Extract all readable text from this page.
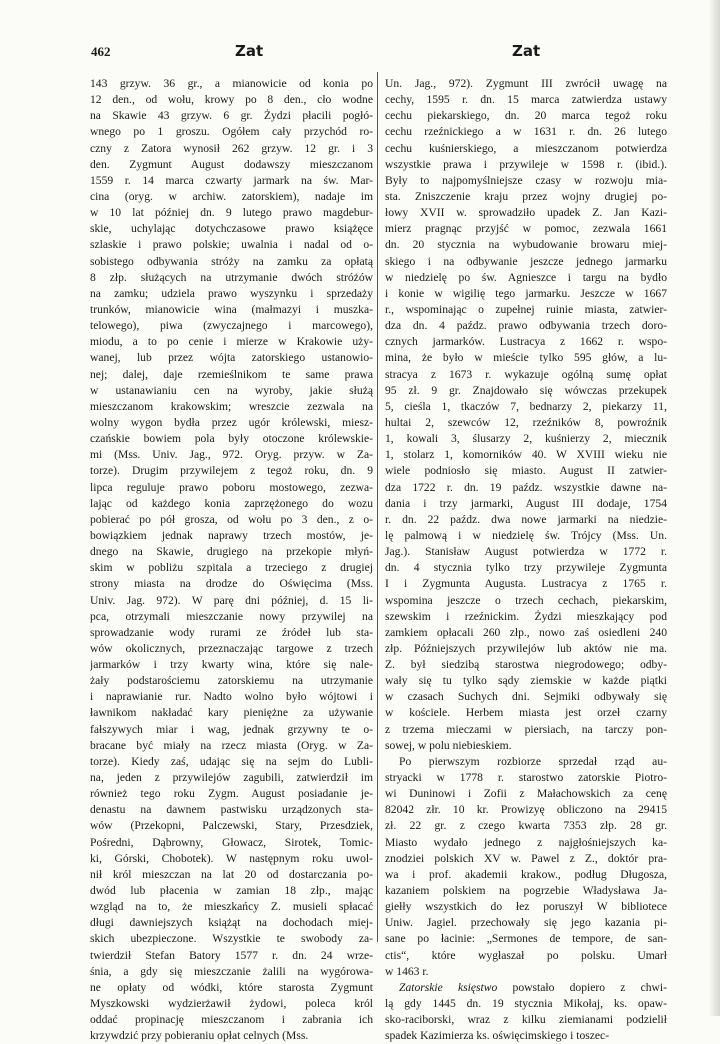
462	Zat	Zat
143 grzyw. 36 gr., a mianowicie od konia po
12 den., od wołu, krowy po 8 den., cło wodne
na Skawie 43 grzyw. 6 gr. Żydzi płacili pogłó-
wnego po 1 groszu. Ogółem cały przychód ro-
czny z Zatora wynosił 262 grzyw. 12 gr. i 3
den. Zygmunt August dodawszy mieszczanom
1559 r. 14 marca czwarty jarmark na św. Mar-
cina (oryg. w archiw. zatorskiem), nadaje im
w 10 lat później dn. 9 lutego prawo magdebur-
skie, uchylając dotychczasowe prawo książęce
szlaskie i prawo polskie; uwalnia i nadal od o-
sobistego odbywania stróży na zamku za opłatą
8 złp. służących na utrzymanie dwóch stróżów
na zamku; udziela prawo wyszynku i sprzedaży
trunków, mianowicie wina (małmazyi i muszka-
telowego), piwa (zwyczajnego i marcowego),
miodu, a to po cenie i mierze w Krakowie uży-
wanej, lub przez wójta zatorskiego ustanowio-
nej; dalej, daje rzemieślnikom te same prawa
w ustanawianiu cen na wyroby, jakie służą
mieszczanom krakowskim; wreszcie zezwala na
wolny wygon bydła przez ugór królewski, miesz-
czańskie bowiem pola były otoczone królewskie-
mi (Mss. Univ. Jag., 972. Oryg. przyw. w Za-
torze). Drugim przywilejem z tegoż roku, dn. 9
lipca reguluje prawo poboru mostowego, zezwa-
lając od każdego konia zaprzężonego do wozu
pobierać po pół grosza, od wołu po 3 den., z o-
bowiązkiem jednak naprawy trzech mostów, je-
dnego na Skawie, drugiego na przekopie młyń-
skim w pobliżu szpitala a trzeciego z drugiej
strony miasta na drodze do Oświęcima (Mss.
Univ. Jag. 972). W parę dni później, d. 15 li-
pca, otrzymali mieszczanie nowy przywilej na
sprowadzanie wody rurami ze źródeł lub sta-
wów okolicznych, przeznaczając targowe z trzech
jarmarków i trzy kwarty wina, które się nale-
żały podstarościemu zatorskiemu na utrzymanie
i naprawianie rur. Nadto wolno było wójtowi i
ławnikom nakładać kary pieniężne za używanie
fałszywych miar i wag, jednak grzywny te o-
bracane być miały na rzecz miasta (Oryg. w Za-
torze). Kiedy zaś, udając się na sejm do Lubli-
na, jeden z przywilejów zagubili, zatwierdził im
również tego roku Zygm. August posiadanie je-
denastu na dawnem pastwisku urządzonych sta-
wów (Przekopni, Palczewski, Stary, Przesdziek,
Pośredni, Dąbrowny, Głowacz, Sirotek, Tomic-
ki, Górski, Chobotek). W następnym roku uwol-
nił król mieszczan na lat 20 od dostarczania po-
dwód lub płacenia w zamian 18 złp., mając
wzgląd na to, że mieszkańcy Z. musieli spłacać
długi dawniejszych książąt na dochodach miej-
skich ubezpieczone. Wszystkie te swobody za-
twierdził Stefan Batory 1577 r. dn. 24 wrze-
śnia, a gdy się mieszczanie żalili na wygórowa-
ne opłaty od wódki, które starosta Zygmunt
Myszkowski wydzierżawił żydowi, poleca król
oddać propinację mieszczanom i zabrania ich
krzywdzić przy pobieraniu opłat celnych (Mss.
Un. Jag., 972). Zygmunt III zwrócił uwagę na
cechy, 1595 r. dn. 15 marca zatwierdza ustawy
cechu piekarskiego, dn. 20 marca tegoż roku
cechu rzeźnickiego a w 1631 r. dn. 26 lutego
cechu kuśnierskiego, a mieszczanom potwierdza
wszystkie prawa i przywileje w 1598 r. (ibid.).
Były to najpomyślniejsze czasy w rozwoju mia-
sta. Zniszczenie kraju przez wojny drugiej po-
łowy XVII w. sprowadziło upadek Z. Jan Kazi-
mierz pragnąc przyjść w pomoc, zezwala 1661
dn. 20 stycznia na wybudowanie browaru miej-
skiego i na odbywanie jeszcze jednego jarmarku
w niedzielę po św. Agnieszce i targu na bydło
i konie w wigilię tego jarmarku. Jeszcze w 1667
r., wspominając o zupełnej ruinie miasta, zatwier-
dza dn. 4 paźdz. prawo odbywania trzech doro-
cznych jarmarków. Lustracya z 1662 r. wspo-
mina, że było w mieście tylko 595 głów, a lu-
stracya z 1673 r. wykazuje ogólną sumę opłat
95 zł. 9 gr. Znajdowało się wówczas przekupek
5, cieśla 1, tkaczów 7, bednarzy 2, piekarzy 11,
hultai 2, szewców 12, rzeźników 8, powroźnik
1, kowali 3, ślusarzy 2, kuśnierzy 2, miecznik
1, stolarz 1, komorników 40. W XVIII wieku nie
wiele podniosło się miasto. August II zatwier-
dza 1722 r. dn. 19 paźdz. wszystkie dawne na-
dania i trzy jarmarki, August III dodaje, 1754
r. dn. 22 paźdz. dwa nowe jarmarki na niedzie-
lę palmową i w niedzielę św. Trójcy (Mss. Un.
Jag.). Stanisław August potwierdza w 1772 r.
dn. 4 stycznia tylko trzy przywileje Zygmunta
I i Zygmunta Augusta. Lustracya z 1765 r.
wspomina jeszcze o trzech cechach, piekarskim,
szewskim i rzeźnickim. Żydzi mieszkający pod
zamkiem opłacali 260 złp., nowo zaś osiedleni 240
złp. Późniejszych przywilejów lub aktów nie ma.
Z. był siedzibą starostwa niegrodowego; odby-
wały się tu tylko sądy ziemskie w każde piątki
w czasach Suchych dni. Sejmiki odbywały się
w kościele. Herbem miasta jest orzeł czarny
z trzema mieczami w piersiach, na tarczy pon-
sowej, w polu niebieskiem.
Po pierwszym rozbiorze sprzedał rząd au-
stryacki w 1778 r. starostwo zatorskie Piotro-
wi Duninowi i Zofii z Małachowskich za cenę
82042 złr. 10 kr. Prowizyę obliczono na 29415
zł. 22 gr. z czego kwarta 7353 złp. 28 gr.
Miasto wydało jednego z najgłośniejszych ka-
znodziei polskich XV w. Pawel z Z., doktór pra-
wa i prof. akademii krakow., podług Długosza,
kazaniem polskiem na pogrzebie Władysława Ja-
giełły wszystkich do łez poruszył W bibliotece
Uniw. Jagiel. przechowały się jego kazania pi-
sane po łacinie: „Sermones de tempore, de san-
ctis“, które wygłaszał po polsku. Umarł
w 1463 r.
Zatorskie księstwo powstało dopiero z chwi-
lą gdy 1445 dn. 19 stycznia Mikołaj, ks. opaw-
sko-raciborski, wraz z kilku ziemianami podzielił
spadek Kazimierza ks. oświęcimskiego i toszec-
